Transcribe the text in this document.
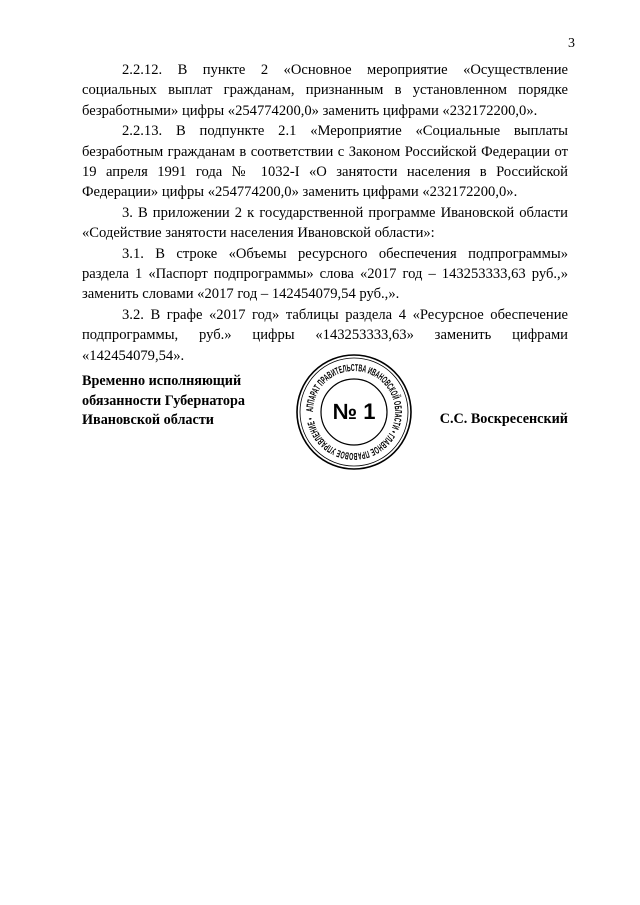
3

2.2.12. В пункте 2 «Основное мероприятие «Осуществление социальных выплат гражданам, признанным в установленном порядке безработными» цифры «254774200,0» заменить цифрами «232172200,0».

2.2.13. В подпункте 2.1 «Мероприятие «Социальные выплаты безработным гражданам в соответствии с Законом Российской Федерации от 19 апреля 1991 года № 1032-I «О занятости населения в Российской Федерации» цифры «254774200,0» заменить цифрами «232172200,0».

3. В приложении 2 к государственной программе Ивановской области «Содействие занятости населения Ивановской области»:

3.1. В строке «Объемы ресурсного обеспечения подпрограммы» раздела 1 «Паспорт подпрограммы» слова «2017 год – 143253333,63 руб.,» заменить словами «2017 год – 142454079,54 руб.,».

3.2. В графе «2017 год» таблицы раздела 4 «Ресурсное обеспечение подпрограммы, руб.» цифры «143253333,63» заменить цифрами «142454079,54».

Временно исполняющий
обязанности Губернатора
Ивановской области
АППАРАТ ПРАВИТЕЛЬСТВА ИВАНОВСКОЙ ОБЛАСТИ • ГЛАВНОЕ ПРАВОВОЕ УПРАВЛЕНИЕ • № 1	С.С. Воскресенский
